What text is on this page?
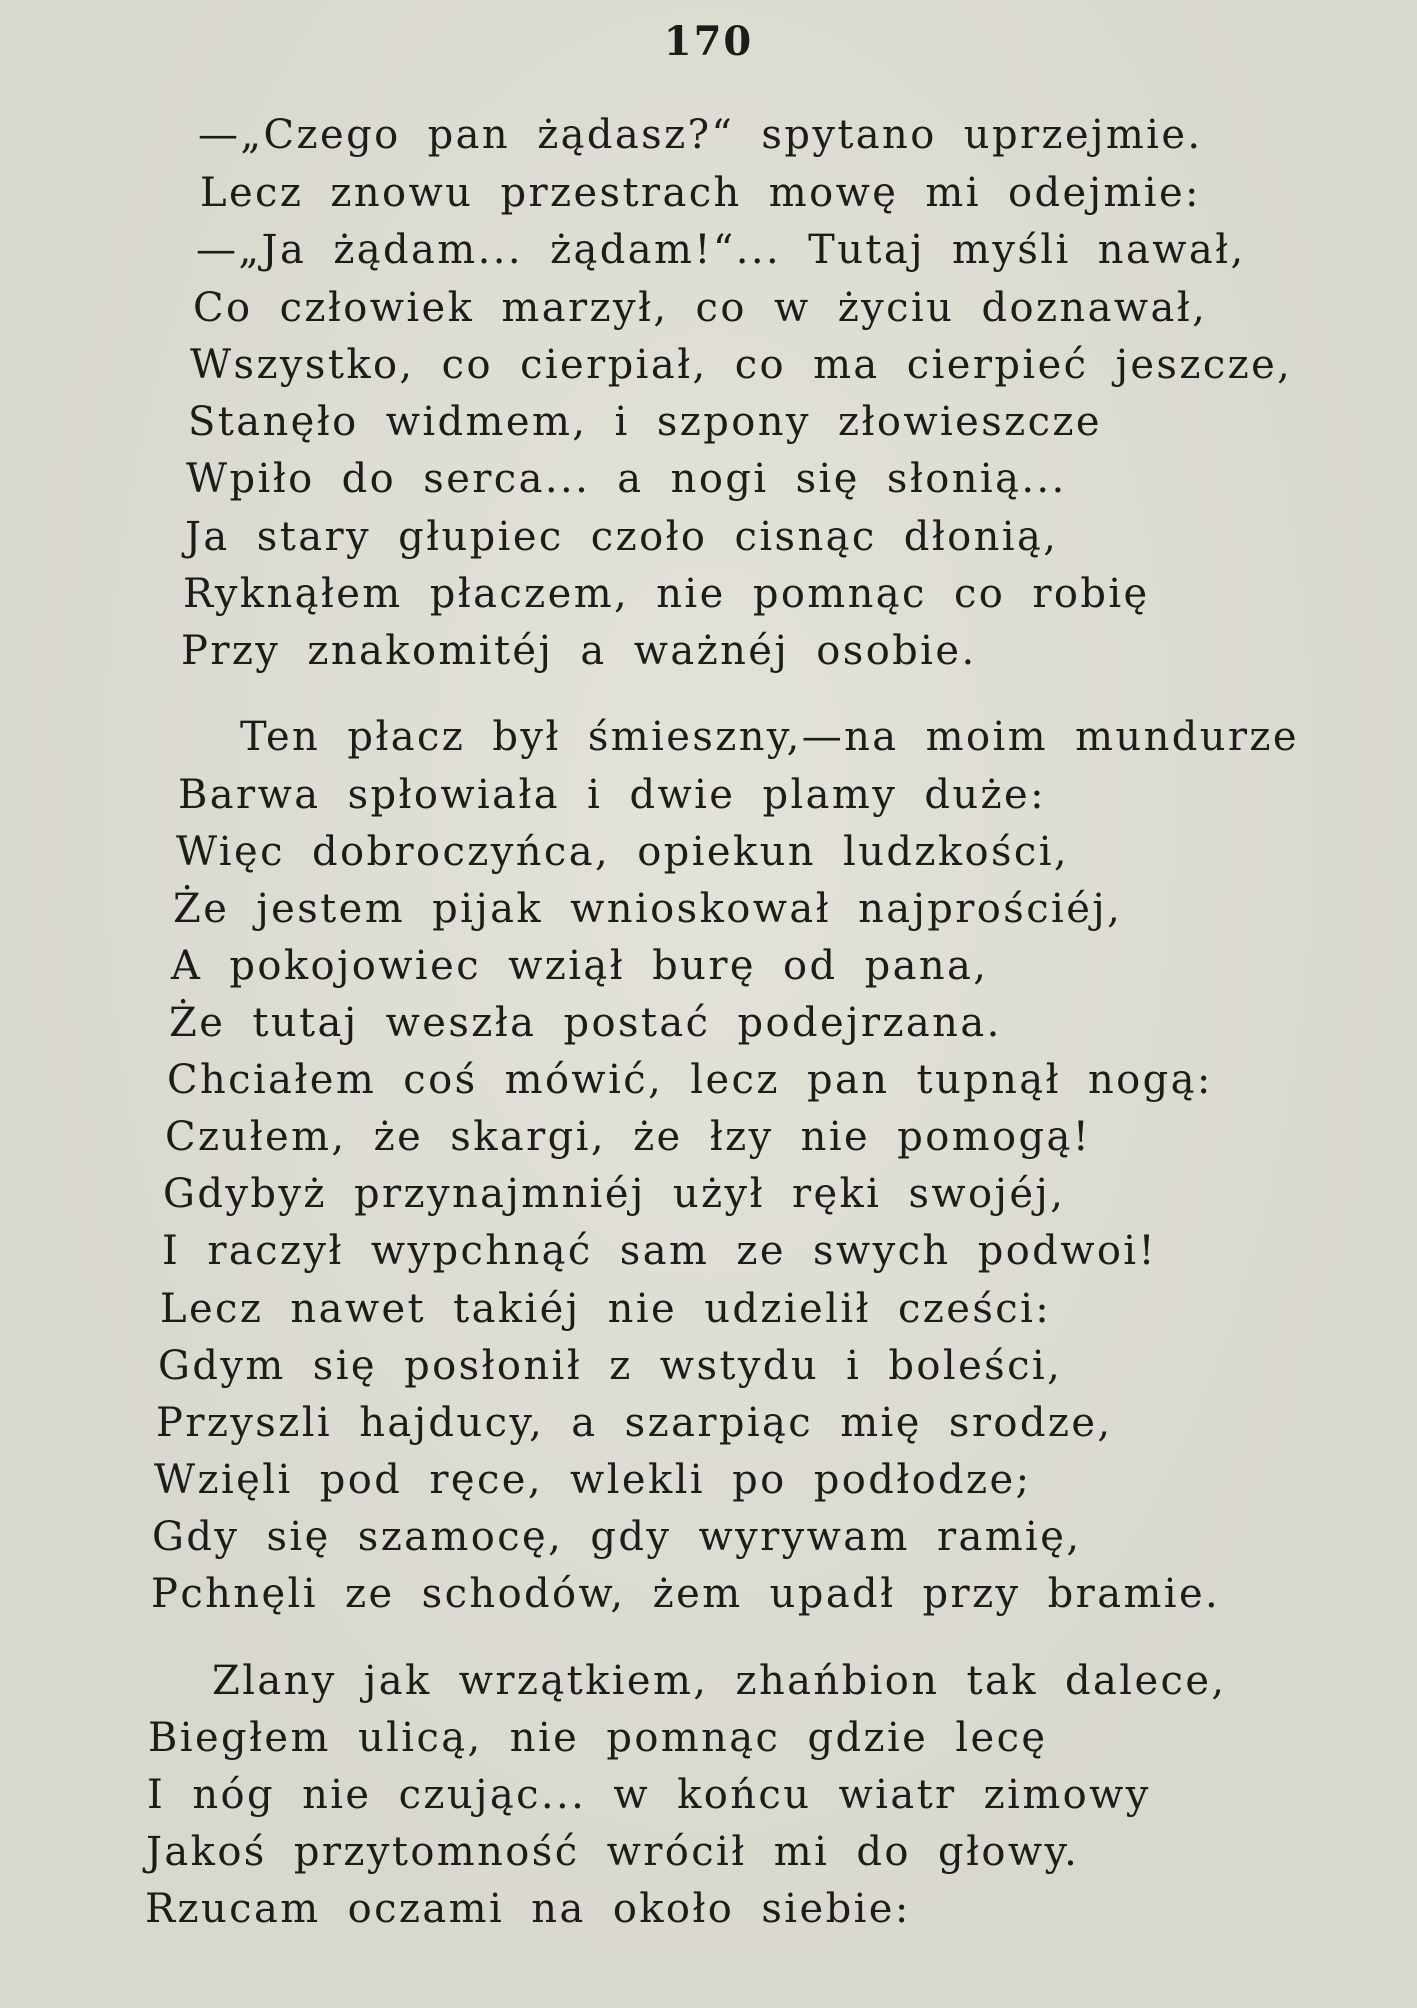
170
—„Czego pan żądasz?“ spytano uprzejmie.
Lecz znowu przestrach mowę mi odejmie:
—„Ja żądam... żądam!“... Tutaj myśli nawał,
Co człowiek marzył, co w życiu doznawał,
Wszystko, co cierpiał, co ma cierpieć jeszcze,
Stanęło widmem, i szpony złowieszcze
Wpiło do serca... a nogi się słonią...
Ja stary głupiec czoło cisnąc dłonią,
Ryknąłem płaczem, nie pomnąc co robię
Przy znakomitéj a ważnéj osobie.
Ten płacz był śmieszny,—na moim mundurze
Barwa spłowiała i dwie plamy duże:
Więc dobroczyńca, opiekun ludzkości,
Że jestem pijak wnioskował najprościéj,
A pokojowiec wziął burę od pana,
Że tutaj weszła postać podejrzana.
Chciałem coś mówić, lecz pan tupnął nogą:
Czułem, że skargi, że łzy nie pomogą!
Gdybyż przynajmniéj użył ręki swojéj,
I raczył wypchnąć sam ze swych podwoi!
Lecz nawet takiéj nie udzielił cześci:
Gdym się posłonił z wstydu i boleści,
Przyszli hajducy, a szarpiąc mię srodze,
Wzięli pod ręce, wlekli po podłodze;
Gdy się szamocę, gdy wyrywam ramię,
Pchnęli ze schodów, żem upadł przy bramie.
Zlany jak wrzątkiem, zhańbion tak dalece,
Biegłem ulicą, nie pomnąc gdzie lecę
I nóg nie czując... w końcu wiatr zimowy
Jakoś przytomność wrócił mi do głowy.
Rzucam oczami na około siebie:
